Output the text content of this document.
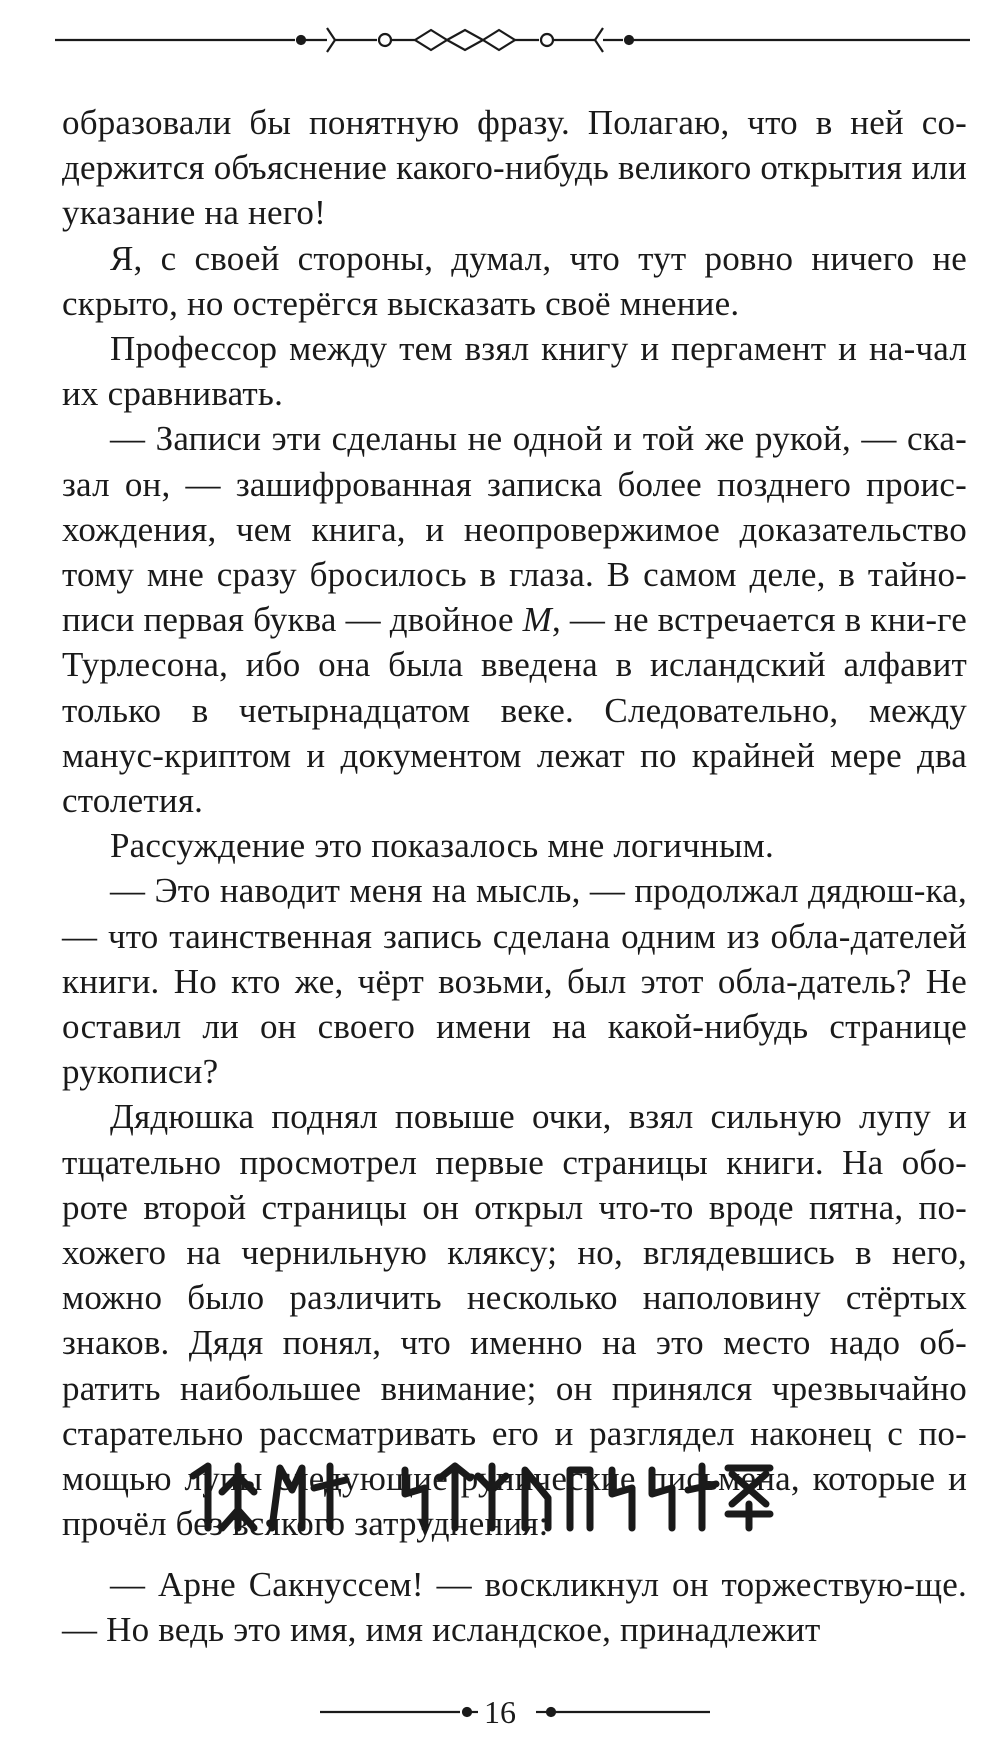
образовали бы понятную фразу. Полагаю, что в ней со-держится объяснение какого-нибудь великого открытия или указание на него!

Я, с своей стороны, думал, что тут ровно ничего не скрыто, но остерёгся высказать своё мнение.

Профессор между тем взял книгу и пергамент и на-чал их сравнивать.

— Записи эти сделаны не одной и той же рукой, — ска-зал он, — зашифрованная записка более позднего проис-хождения, чем книга, и неопровержимое доказательство тому мне сразу бросилось в глаза. В самом деле, в тайно-писи первая буква — двойное М, — не встречается в кни-ге Турлесона, ибо она была введена в исландский алфавит только в четырнадцатом веке. Следовательно, между манус-криптом и документом лежат по крайней мере два столетия.

Рассуждение это показалось мне логичным.

— Это наводит меня на мысль, — продолжал дядюш-ка, — что таинственная запись сделана одним из обла-дателей книги. Но кто же, чёрт возьми, был этот обла-датель? Не оставил ли он своего имени на какой-нибудь странице рукописи?

Дядюшка поднял повыше очки, взял сильную лупу и тщательно просмотрел первые страницы книги. На обо-роте второй страницы он открыл что-то вроде пятна, по-хожего на чернильную кляксу; но, вглядевшись в него, можно было различить несколько наполовину стёртых знаков. Дядя понял, что именно на это место надо об-ратить наибольшее внимание; он принялся чрезвычайно старательно рассматривать его и разглядел наконец с по-мощью лупы следующие рунические письмена, которые и прочёл без всякого затруднения:

— Арне Сакнуссем! — воскликнул он торжествую-ще. — Но ведь это имя, имя исландское, принадлежит

16
